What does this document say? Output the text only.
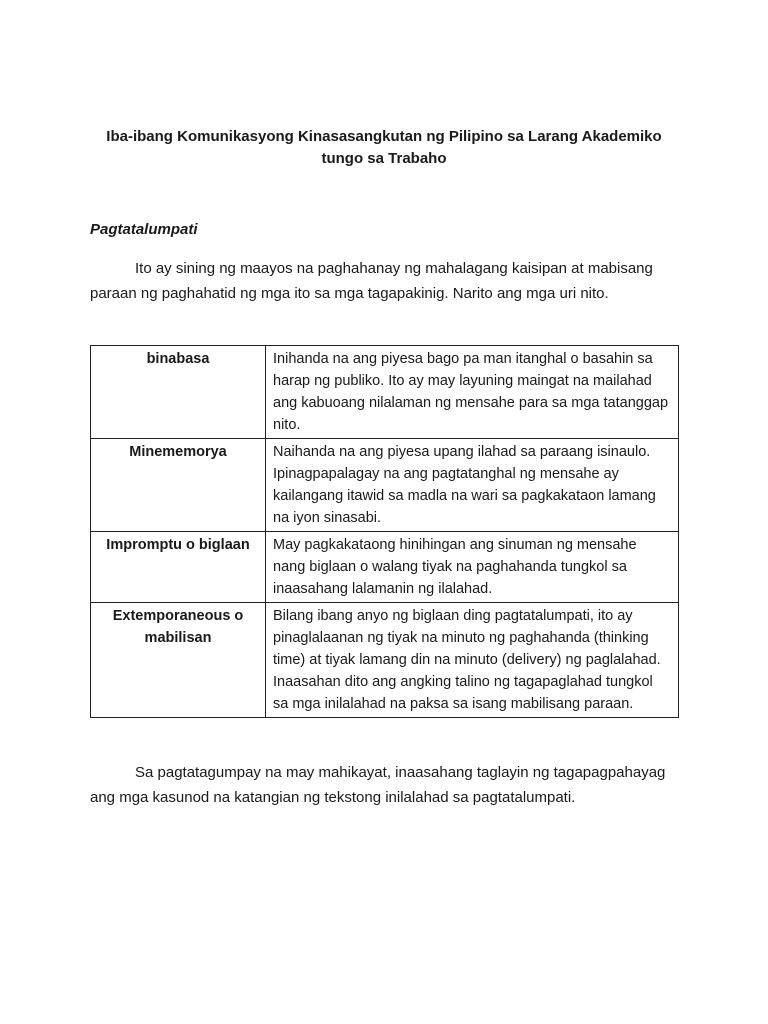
Iba-ibang Komunikasyong Kinasasangkutan ng Pilipino sa Larang Akademiko tungo sa Trabaho
Pagtatalumpati
Ito ay sining ng maayos na paghahanay ng mahalagang kaisipan at mabisang paraan ng paghahatid ng mga ito sa mga tagapakinig. Narito ang mga uri nito.
binabasa	Inihanda na ang piyesa bago pa man itanghal o basahin sa harap ng publiko. Ito ay may layuning maingat na mailahad ang kabuoang nilalaman ng mensahe para sa mga tatanggap nito.
Minememorya	Naihanda na ang piyesa upang ilahad sa paraang isinaulo. Ipinagpapalagay na ang pagtatanghal ng mensahe ay kailangang itawid sa madla na wari sa pagkakataon lamang na iyon sinasabi.
Impromptu o biglaan	May pagkakataong hinihingan ang sinuman ng mensahe nang biglaan o walang tiyak na paghahanda tungkol sa inaasahang lalamanin ng ilalahad.
Extemporaneous o mabilisan	Bilang ibang anyo ng biglaan ding pagtatalumpati, ito ay pinaglalaanan ng tiyak na minuto ng paghahanda (thinking time) at tiyak lamang din na minuto (delivery) ng paglalahad. Inaasahan dito ang angking talino ng tagapaglahad tungkol sa mga inilalahad na paksa sa isang mabilisang paraan.
Sa pagtatagumpay na may mahikayat, inaasahang taglayin ng tagapagpahayag ang mga kasunod na katangian ng tekstong inilalahad sa pagtatalumpati.
